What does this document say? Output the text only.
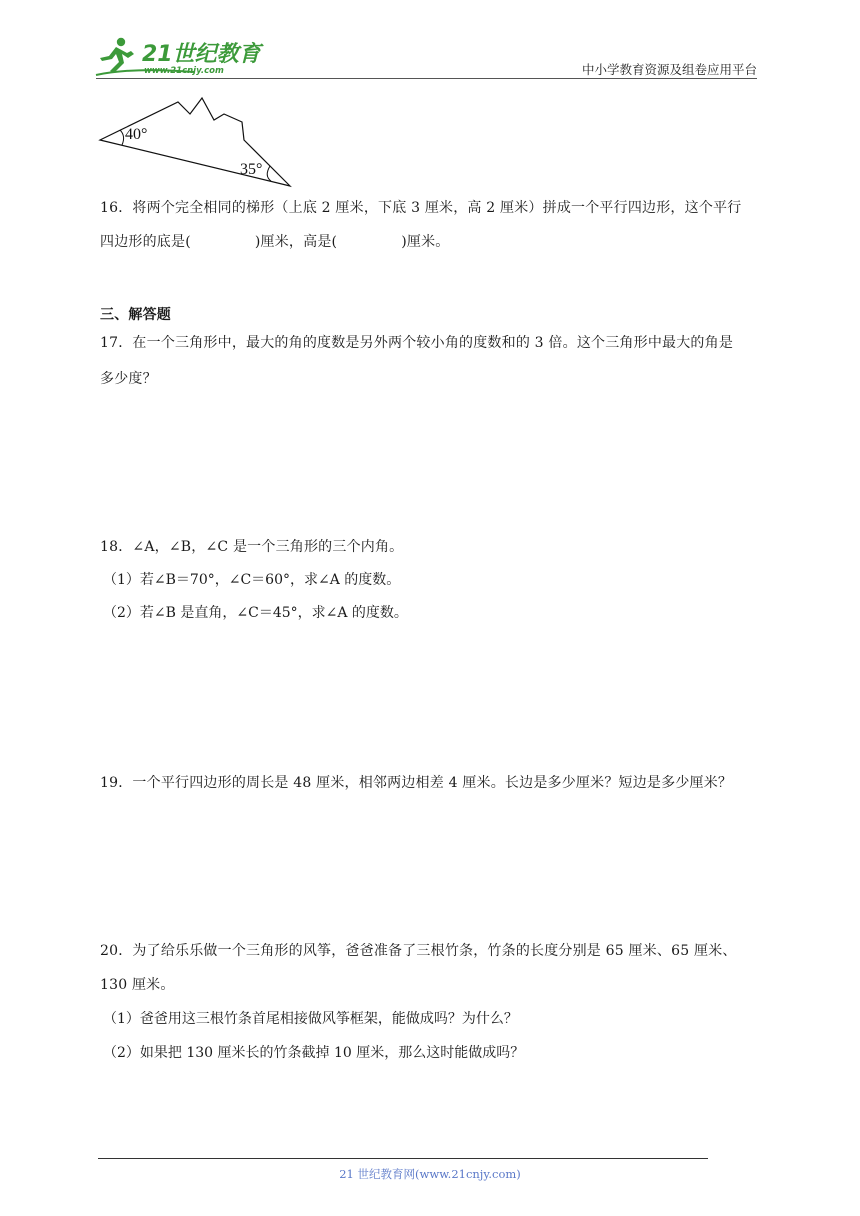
21世纪教育
www.21cnjy.com	中小学教育资源及组卷应用平台
40°
35°
16．将两个完全相同的梯形（上底 2 厘米，下底 3 厘米，高 2 厘米）拼成一个平行四边形，这个平行
四边形的底是(	)厘米，高是(	)厘米。
三、解答题
17．在一个三角形中，最大的角的度数是另外两个较小角的度数和的 3 倍。这个三角形中最大的角是
多少度？
18．∠A，∠B，∠C 是一个三角形的三个内角。
（1）若∠B＝70°，∠C＝60°，求∠A 的度数。
（2）若∠B 是直角，∠C＝45°，求∠A 的度数。
19．一个平行四边形的周长是 48 厘米，相邻两边相差 4 厘米。长边是多少厘米？短边是多少厘米？
20．为了给乐乐做一个三角形的风筝，爸爸准备了三根竹条，竹条的长度分别是 65 厘米、65 厘米、
130 厘米。
（1）爸爸用这三根竹条首尾相接做风筝框架，能做成吗？为什么？
（2）如果把 130 厘米长的竹条截掉 10 厘米，那么这时能做成吗？
21 世纪教育网(www.21cnjy.com)
